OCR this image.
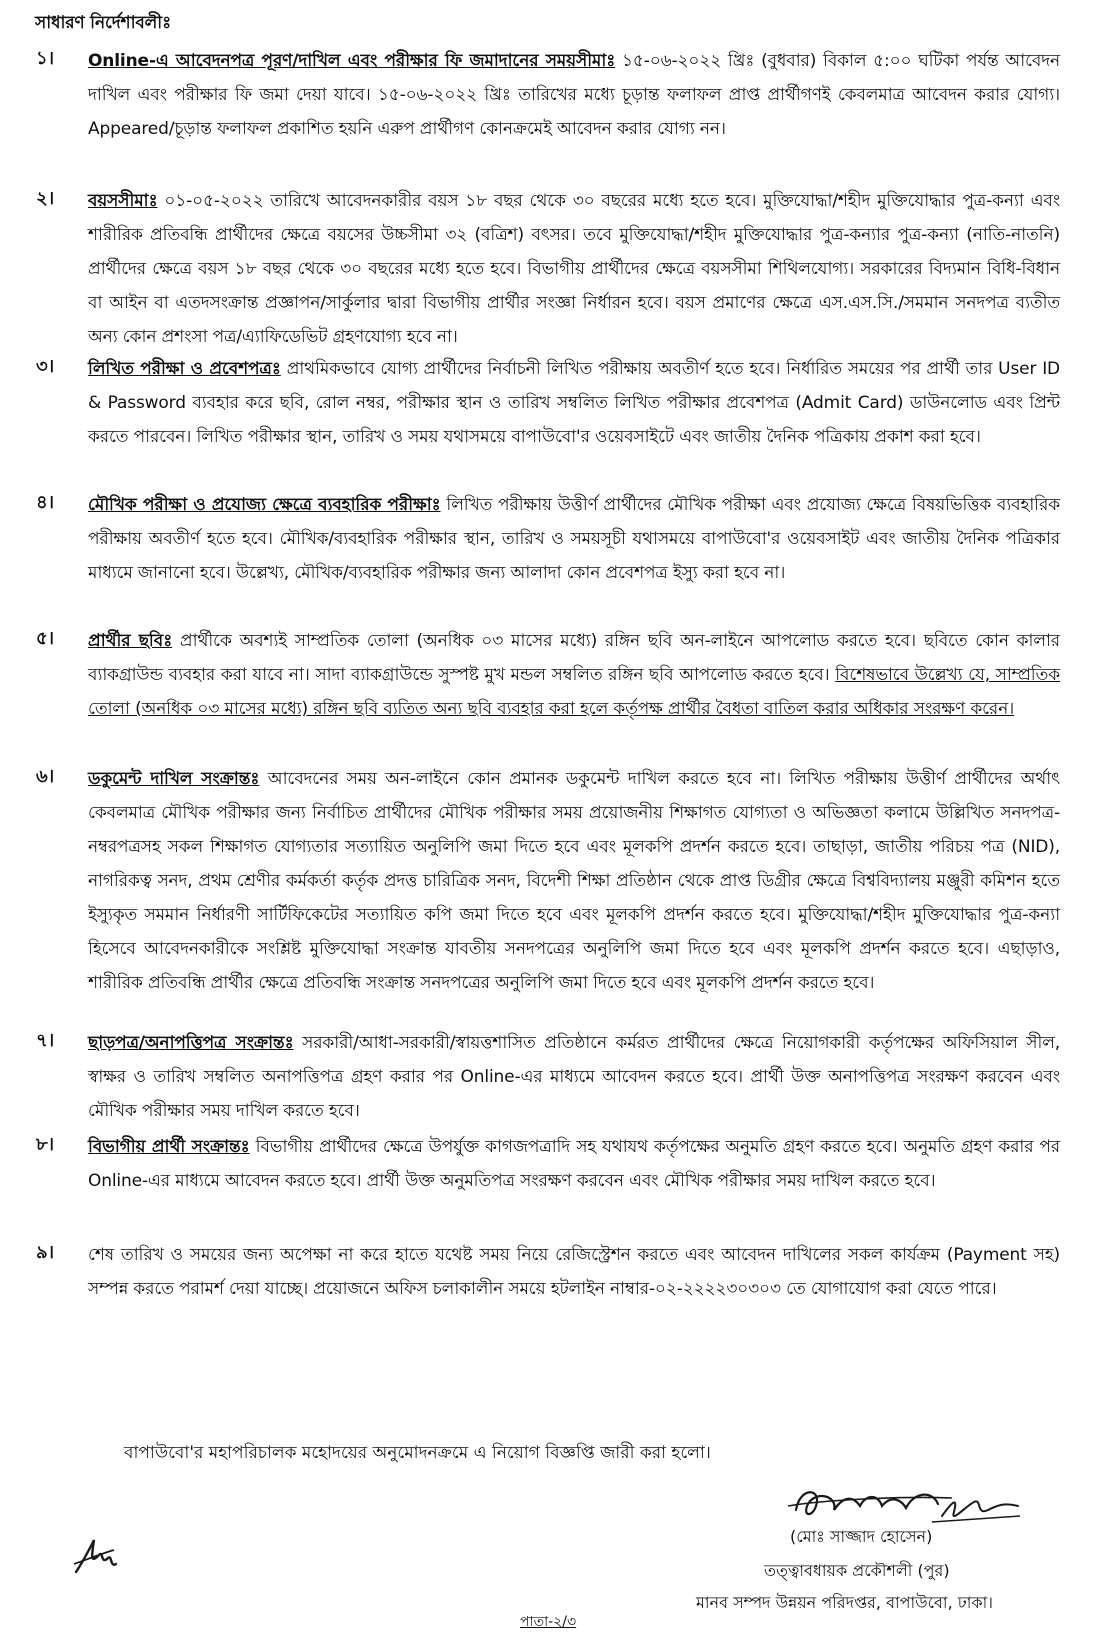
সাধারণ নির্দেশাবলীঃ
১। Online-এ আবেদনপত্র পূরণ/দাখিল এবং পরীক্ষার ফি জমাদানের সময়সীমাঃ ১৫-০৬-২০২২ খ্রিঃ (বুধবার) বিকাল ৫:০০ ঘটিকা পর্যন্ত আবেদন দাখিল এবং পরীক্ষার ফি জমা দেয়া যাবে। ১৫-০৬-২০২২ খ্রিঃ তারিখের মধ্যে চূড়ান্ত ফলাফল প্রাপ্ত প্রার্থীগণই কেবলমাত্র আবেদন করার যোগ্য। Appeared/চূড়ান্ত ফলাফল প্রকাশিত হয়নি এরুপ প্রার্থীগণ কোনক্রমেই আবেদন করার যোগ্য নন।
২। বয়সসীমাঃ ০১-০৫-২০২২ তারিখে আবেদনকারীর বয়স ১৮ বছর থেকে ৩০ বছরের মধ্যে হতে হবে। মুক্তিযোদ্ধা/শহীদ মুক্তিযোদ্ধার পুত্র-কন্যা এবং শারীরিক প্রতিবন্ধি প্রার্থীদের ক্ষেত্রে বয়সের উচ্চসীমা ৩২ (বত্রিশ) বৎসর। তবে মুক্তিযোদ্ধা/শহীদ মুক্তিযোদ্ধার পুত্র-কন্যার পুত্র-কন্যা (নাতি-নাতনি) প্রার্থীদের ক্ষেত্রে বয়স ১৮ বছর থেকে ৩০ বছরের মধ্যে হতে হবে। বিভাগীয় প্রার্থীদের ক্ষেত্রে বয়সসীমা শিথিলযোগ্য। সরকারের বিদ্যমান বিধি-বিধান বা আইন বা এতদসংক্রান্ত প্রজ্ঞাপন/সার্কুলার দ্বারা বিভাগীয় প্রার্থীর সংজ্ঞা নির্ধারন হবে। বয়স প্রমাণের ক্ষেত্রে এস.এস.সি./সমমান সনদপত্র ব্যতীত অন্য কোন প্রশংসা পত্র/এ্যাফিডেভিট গ্রহণযোগ্য হবে না।
৩। লিখিত পরীক্ষা ও প্রবেশপত্রঃ প্রাথমিকভাবে যোগ্য প্রার্থীদের নির্বাচনী লিখিত পরীক্ষায় অবতীর্ণ হতে হবে। নির্ধারিত সময়ের পর প্রার্থী তার User ID & Password ব্যবহার করে ছবি, রোল নম্বর, পরীক্ষার স্থান ও তারিখ সম্বলিত লিখিত পরীক্ষার প্রবেশপত্র (Admit Card) ডাউনলোড এবং প্রিন্ট করতে পারবেন। লিখিত পরীক্ষার স্থান, তারিখ ও সময় যথাসময়ে বাপাউবো'র ওয়েবসাইটে এবং জাতীয় দৈনিক পত্রিকায় প্রকাশ করা হবে।
৪। মৌখিক পরীক্ষা ও প্রযোজ্য ক্ষেত্রে ব্যবহারিক পরীক্ষাঃ লিখিত পরীক্ষায় উত্তীর্ণ প্রার্থীদের মৌখিক পরীক্ষা এবং প্রযোজ্য ক্ষেত্রে বিষয়ভিত্তিক ব্যবহারিক পরীক্ষায় অবতীর্ণ হতে হবে। মৌখিক/ব্যবহারিক পরীক্ষার স্থান, তারিখ ও সময়সূচী যথাসময়ে বাপাউবো'র ওয়েবসাইট এবং জাতীয় দৈনিক পত্রিকার মাধ্যমে জানানো হবে। উল্লেখ্য, মৌখিক/ব্যবহারিক পরীক্ষার জন্য আলাদা কোন প্রবেশপত্র ইস্যু করা হবে না।
৫। প্রার্থীর ছবিঃ প্রার্থীকে অবশ্যই সাম্প্রতিক তোলা (অনধিক ০৩ মাসের মধ্যে) রঙ্গিন ছবি অন-লাইনে আপলোড করতে হবে। ছবিতে কোন কালার ব্যাকগ্রাউন্ড ব্যবহার করা যাবে না। সাদা ব্যাকগ্রাউন্ডে সুস্পষ্ট মুখ মন্ডল সম্বলিত রঙ্গিন ছবি আপলোড করতে হবে। বিশেষভাবে উল্লেখ্য যে, সাম্প্রতিক তোলা (অনধিক ০৩ মাসের মধ্যে) রঙ্গিন ছবি ব্যতিত অন্য ছবি ব্যবহার করা হলে কর্তৃপক্ষ প্রার্থীর বৈধতা বাতিল করার অধিকার সংরক্ষণ করেন।
৬। ডকুমেন্ট দাখিল সংক্রান্তঃ আবেদনের সময় অন-লাইনে কোন প্রমানক ডকুমেন্ট দাখিল করতে হবে না। লিখিত পরীক্ষায় উত্তীর্ণ প্রার্থীদের অর্থাৎ কেবলমাত্র মৌখিক পরীক্ষার জন্য নির্বাচিত প্রার্থীদের মৌখিক পরীক্ষার সময় প্রয়োজনীয় শিক্ষাগত যোগ্যতা ও অভিজ্ঞতা কলামে উল্লিখিত সনদপত্র-নম্বরপত্রসহ সকল শিক্ষাগত যোগ্যতার সত্যায়িত অনুলিপি জমা দিতে হবে এবং মূলকপি প্রদর্শন করতে হবে। তাছাড়া, জাতীয় পরিচয় পত্র (NID), নাগরিকত্ব সনদ, প্রথম শ্রেণীর কর্মকর্তা কর্তৃক প্রদত্ত চারিত্রিক সনদ, বিদেশী শিক্ষা প্রতিষ্ঠান থেকে প্রাপ্ত ডিগ্রীর ক্ষেত্রে বিশ্ববিদ্যালয় মঞ্জুরী কমিশন হতে ইস্যুকৃত সমমান নির্ধারণী সার্টিফিকেটের সত্যায়িত কপি জমা দিতে হবে এবং মূলকপি প্রদর্শন করতে হবে। মুক্তিযোদ্ধা/শহীদ মুক্তিযোদ্ধার পুত্র-কন্যা হিসেবে আবেদনকারীকে সংশ্লিষ্ট মুক্তিযোদ্ধা সংক্রান্ত যাবতীয় সনদপত্রের অনুলিপি জমা দিতে হবে এবং মূলকপি প্রদর্শন করতে হবে। এছাড়াও, শারীরিক প্রতিবন্ধি প্রার্থীর ক্ষেত্রে প্রতিবন্ধি সংক্রান্ত সনদপত্রের অনুলিপি জমা দিতে হবে এবং মূলকপি প্রদর্শন করতে হবে।
৭। ছাড়পত্র/অনাপত্তিপত্র সংক্রান্তঃ সরকারী/আধা-সরকারী/স্বায়ত্তশাসিত প্রতিষ্ঠানে কর্মরত প্রার্থীদের ক্ষেত্রে নিয়োগকারী কর্তৃপক্ষের অফিসিয়াল সীল, স্বাক্ষর ও তারিখ সম্বলিত অনাপত্তিপত্র গ্রহণ করার পর Online-এর মাধ্যমে আবেদন করতে হবে। প্রার্থী উক্ত অনাপত্তিপত্র সংরক্ষণ করবেন এবং মৌখিক পরীক্ষার সময় দাখিল করতে হবে।
৮। বিভাগীয় প্রার্থী সংক্রান্তঃ বিভাগীয় প্রার্থীদের ক্ষেত্রে উপর্যুক্ত কাগজপত্রাদি সহ যথাযথ কর্তৃপক্ষের অনুমতি গ্রহণ করতে হবে। অনুমতি গ্রহণ করার পর Online-এর মাধ্যমে আবেদন করতে হবে। প্রার্থী উক্ত অনুমতিপত্র সংরক্ষণ করবেন এবং মৌখিক পরীক্ষার সময় দাখিল করতে হবে।
৯। শেষ তারিখ ও সময়ের জন্য অপেক্ষা না করে হাতে যথেষ্ট সময় নিয়ে রেজিস্ট্রেশন করতে এবং আবেদন দাখিলের সকল কার্যক্রম (Payment সহ) সম্পন্ন করতে পরামর্শ দেয়া যাচ্ছে। প্রয়োজনে অফিস চলাকালীন সময়ে হটলাইন নাম্বার-০২-২২২২৩০৩০৩ তে যোগাযোগ করা যেতে পারে।
বাপাউবো'র মহাপরিচালক মহোদয়ের অনুমোদনক্রমে এ নিয়োগ বিজ্ঞপ্তি জারী করা হলো।
(মোঃ সাজ্জাদ হোসেন)
তত্ত্বাবধায়ক প্রকৌশলী (পুর)
মানব সম্পদ উন্নয়ন পরিদপ্তর, বাপাউবো, ঢাকা।
পাতা-২/৩
